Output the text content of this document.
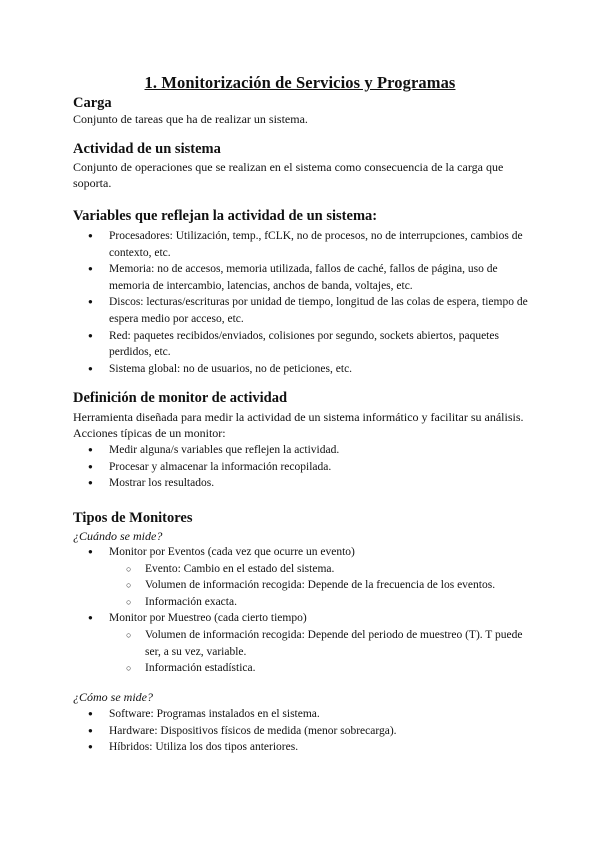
1. Monitorización de Servicios y Programas
Carga

Conjunto de tareas que ha de realizar un sistema.

Actividad de un sistema

Conjunto de operaciones que se realizan en el sistema como consecuencia de la carga que soporta.

Variables que reflejan la actividad de un sistema:
● Procesadores: Utilización, temp., fCLK, no de procesos, no de interrupciones, cambios de contexto, etc.
● Memoria: no de accesos, memoria utilizada, fallos de caché, fallos de página, uso de memoria de intercambio, latencias, anchos de banda, voltajes, etc.
● Discos: lecturas/escrituras por unidad de tiempo, longitud de las colas de espera, tiempo de espera medio por acceso, etc.
● Red: paquetes recibidos/enviados, colisiones por segundo, sockets abiertos, paquetes perdidos, etc.
● Sistema global: no de usuarios, no de peticiones, etc.
Definición de monitor de actividad

Herramienta diseñada para medir la actividad de un sistema informático y facilitar su análisis.

Acciones típicas de un monitor:

● Medir alguna/s variables que reflejen la actividad.
● Procesar y almacenar la información recopilada.
● Mostrar los resultados.
Tipos de Monitores

¿Cuándo se mide?

● Monitor por Eventos (cada vez que ocurre un evento)
○ Evento: Cambio en el estado del sistema.
○ Volumen de información recogida: Depende de la frecuencia de los eventos.
○ Información exacta.
● Monitor por Muestreo (cada cierto tiempo)
○ Volumen de información recogida: Depende del periodo de muestreo (T). T puede ser, a su vez, variable.
○ Información estadística.

¿Cómo se mide?

● Software: Programas instalados en el sistema.
● Hardware: Dispositivos físicos de medida (menor sobrecarga).
● Híbridos: Utiliza los dos tipos anteriores.
